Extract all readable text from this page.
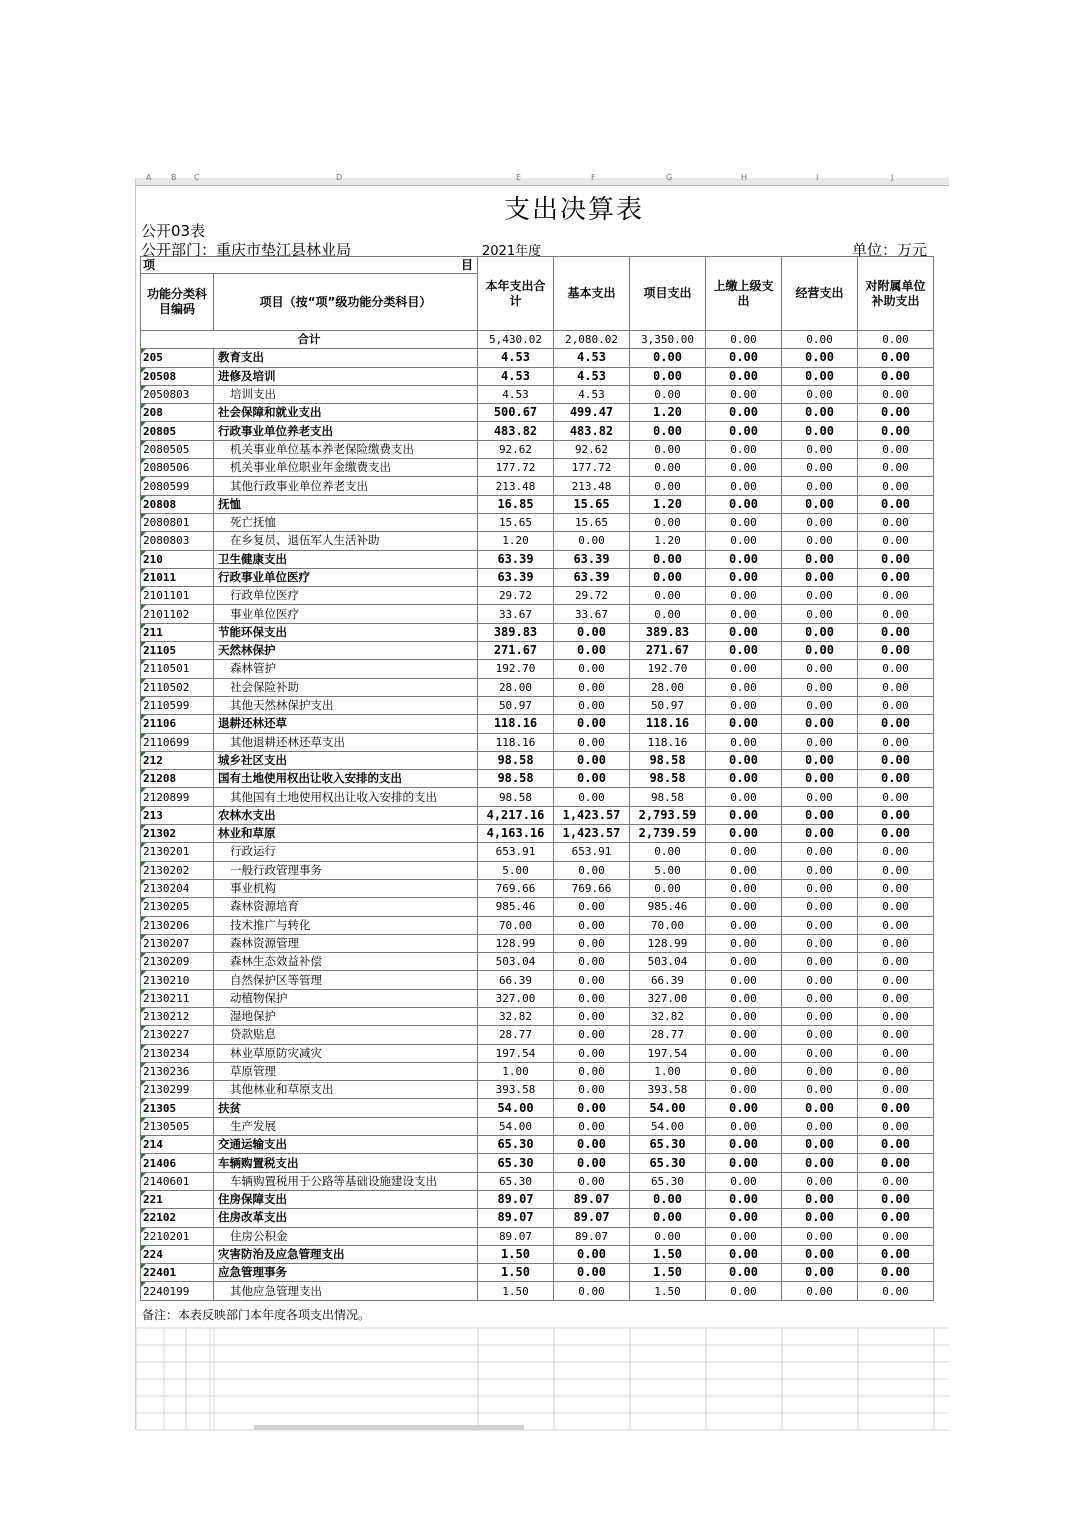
A B C	D	E	F	G	H	I	J
支出决算表
公开03表
公开部门：重庆市垫江县林业局	2021年度	单位：万元
项 目		本年支出合计	基本支出	项目支出	上缴上级支出	经营支出	对附属单位补助支出
功能分类科目编码	项目（按“项”级功能分类科目）						
合计		5,430.02	2,080.02	3,350.00	0.00	0.00	0.00
205	教育支出	4.53	4.53	0.00	0.00	0.00	0.00
20508	进修及培训	4.53	4.53	0.00	0.00	0.00	0.00
2050803	培训支出	4.53	4.53	0.00	0.00	0.00	0.00
208	社会保障和就业支出	500.67	499.47	1.20	0.00	0.00	0.00
20805	行政事业单位养老支出	483.82	483.82	0.00	0.00	0.00	0.00
2080505	机关事业单位基本养老保险缴费支出	92.62	92.62	0.00	0.00	0.00	0.00
2080506	机关事业单位职业年金缴费支出	177.72	177.72	0.00	0.00	0.00	0.00
2080599	其他行政事业单位养老支出	213.48	213.48	0.00	0.00	0.00	0.00
20808	抚恤	16.85	15.65	1.20	0.00	0.00	0.00
2080801	死亡抚恤	15.65	15.65	0.00	0.00	0.00	0.00
2080803	在乡复员、退伍军人生活补助	1.20	0.00	1.20	0.00	0.00	0.00
210	卫生健康支出	63.39	63.39	0.00	0.00	0.00	0.00
21011	行政事业单位医疗	63.39	63.39	0.00	0.00	0.00	0.00
2101101	行政单位医疗	29.72	29.72	0.00	0.00	0.00	0.00
2101102	事业单位医疗	33.67	33.67	0.00	0.00	0.00	0.00
211	节能环保支出	389.83	0.00	389.83	0.00	0.00	0.00
21105	天然林保护	271.67	0.00	271.67	0.00	0.00	0.00
2110501	森林管护	192.70	0.00	192.70	0.00	0.00	0.00
2110502	社会保险补助	28.00	0.00	28.00	0.00	0.00	0.00
2110599	其他天然林保护支出	50.97	0.00	50.97	0.00	0.00	0.00
21106	退耕还林还草	118.16	0.00	118.16	0.00	0.00	0.00
2110699	其他退耕还林还草支出	118.16	0.00	118.16	0.00	0.00	0.00
212	城乡社区支出	98.58	0.00	98.58	0.00	0.00	0.00
21208	国有土地使用权出让收入安排的支出	98.58	0.00	98.58	0.00	0.00	0.00
2120899	其他国有土地使用权出让收入安排的支出	98.58	0.00	98.58	0.00	0.00	0.00
213	农林水支出	4,217.16	1,423.57	2,793.59	0.00	0.00	0.00
21302	林业和草原	4,163.16	1,423.57	2,739.59	0.00	0.00	0.00
2130201	行政运行	653.91	653.91	0.00	0.00	0.00	0.00
2130202	一般行政管理事务	5.00	0.00	5.00	0.00	0.00	0.00
2130204	事业机构	769.66	769.66	0.00	0.00	0.00	0.00
2130205	森林资源培育	985.46	0.00	985.46	0.00	0.00	0.00
2130206	技术推广与转化	70.00	0.00	70.00	0.00	0.00	0.00
2130207	森林资源管理	128.99	0.00	128.99	0.00	0.00	0.00
2130209	森林生态效益补偿	503.04	0.00	503.04	0.00	0.00	0.00
2130210	自然保护区等管理	66.39	0.00	66.39	0.00	0.00	0.00
2130211	动植物保护	327.00	0.00	327.00	0.00	0.00	0.00
2130212	湿地保护	32.82	0.00	32.82	0.00	0.00	0.00
2130227	贷款贴息	28.77	0.00	28.77	0.00	0.00	0.00
2130234	林业草原防灾减灾	197.54	0.00	197.54	0.00	0.00	0.00
2130236	草原管理	1.00	0.00	1.00	0.00	0.00	0.00
2130299	其他林业和草原支出	393.58	0.00	393.58	0.00	0.00	0.00
21305	扶贫	54.00	0.00	54.00	0.00	0.00	0.00
2130505	生产发展	54.00	0.00	54.00	0.00	0.00	0.00
214	交通运输支出	65.30	0.00	65.30	0.00	0.00	0.00
21406	车辆购置税支出	65.30	0.00	65.30	0.00	0.00	0.00
2140601	车辆购置税用于公路等基础设施建设支出	65.30	0.00	65.30	0.00	0.00	0.00
221	住房保障支出	89.07	89.07	0.00	0.00	0.00	0.00
22102	住房改革支出	89.07	89.07	0.00	0.00	0.00	0.00
2210201	住房公积金	89.07	89.07	0.00	0.00	0.00	0.00
224	灾害防治及应急管理支出	1.50	0.00	1.50	0.00	0.00	0.00
22401	应急管理事务	1.50	0.00	1.50	0.00	0.00	0.00
2240199	其他应急管理支出	1.50	0.00	1.50	0.00	0.00	0.00
备注：本表反映部门本年度各项支出情况。
